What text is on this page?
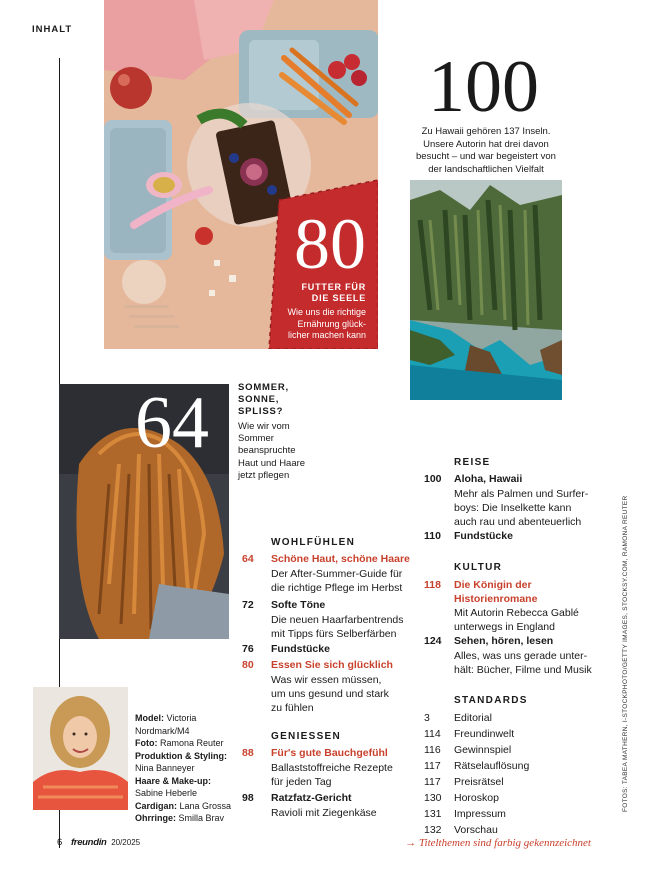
INHALT
80
FUTTER FÜR
DIE SEELE
Wie uns die richtige
Ernährung glück-
licher machen kann
100
Zu Hawaii gehören 137 Inseln.
Unsere Autorin hat drei davon
besucht – und war begeistert von
der landschaftlichen Vielfalt
64	SOMMER,
SONNE,
SPLISS?
Wie wir vom
Sommer
beanspruchte
Haut und Haare
jetzt pflegen
WOHLFÜHLEN
64 Schöne Haut, schöne Haare
Der After-Summer-Guide für
die richtige Pflege im Herbst
72 Softe Töne
Die neuen Haarfarbentrends
mit Tipps fürs Selberfärben
76 Fundstücke
80 Essen Sie sich glücklich
Was wir essen müssen,
um uns gesund und stark
zu fühlen
GENIESSEN
88 Für's gute Bauchgefühl
Ballaststoffreiche Rezepte
für jeden Tag
98 Ratzfatz-Gericht
Ravioli mit Ziegenkäse
REISE
100 Aloha, Hawaii
Mehr als Palmen und Surfer-
boys: Die Inselkette kann
auch rau und abenteuerlich
110 Fundstücke
KULTUR
118 Die Königin der
Historienromane
Mit Autorin Rebecca Gablé
unterwegs in England
124 Sehen, hören, lesen
Alles, was uns gerade unter-
hält: Bücher, Filme und Musik
STANDARDS
3 Editorial
114 Freundinwelt
116 Gewinnspiel
117 Rätselauflösung
117 Preisrätsel
130 Horoskop
131 Impressum
132 Vorschau
Model: Victoria
Nordmark/M4
Foto: Ramona Reuter
Produktion & Styling:
Nina Banneyer
Haare & Make-up:
Sabine Heberle
Cardigan: Lana Grossa
Ohrringe: Smilla Brav
6 freundin 20/2025	→ Titelthemen sind farbig gekennzeichnet
FOTOS: TABEA MATHERN, I-STOCKPHOTO/GETTY IMAGES, STOCKSY.COM, RAMONA REUTER
